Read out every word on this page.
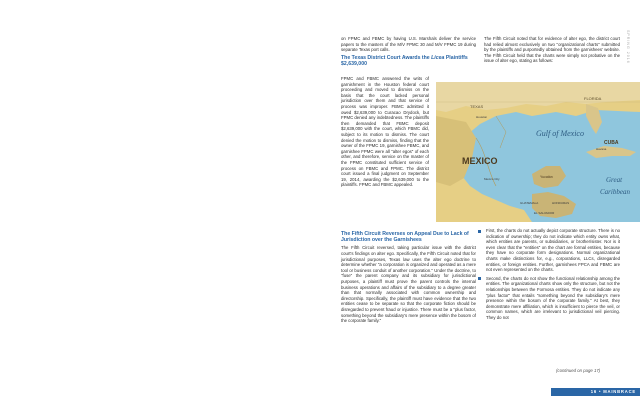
SPRING 2016

on FPMC and FBMC by having U.S. Marshals deliver the service papers to the masters of the M/V FPMC 30 and M/V FPMC 19 during separate Texas port calls.

The Texas District Court Awards the Licea Plaintiffs $2,639,000

FPMC and FBMC answered the writs of garnishment in the Houston federal court proceeding and moved to dismiss on the basis that the court lacked personal jurisdiction over them and that service of process was improper. FBMC admitted it owed $2,639,000 to Curacao Drydock, but FPMC denied any indebtedness. The plaintiffs then demanded that FBMC deposit $2,639,000 with the court, which FBMC did, subject to its motion to dismiss. The court denied the motion to dismiss, finding that the owner of the FPMC 19, garnishee FBMC, and garnishee FPMC were all "alter egos" of each other, and therefore, service on the master of the FPMC constituted sufficient service of process on FBMC and FPMC. The district court issued a final judgment on September 19, 2014, awarding the $2,639,000 to the plaintiffs. FPMC and FBMC appealed.

The Fifth Circuit Reverses on Appeal Due to Lack of Jurisdiction over the Garnishees

The Fifth Circuit reversed, taking particular issue with the district court's findings on alter ego. Specifically, the Fifth Circuit noted that for jurisdictional purposes, Texas law uses the alter ego doctrine to determine whether "a corporation is organized and operated as a mere tool or business conduit of another corporation." Under the doctrine, to "fuse" the parent company and its subsidiary for jurisdictional purposes, a plaintiff must prove the parent controls the internal business operations and affairs of the subsidiary to a degree greater than that normally associated with common ownership and directorship. Specifically, the plaintiff must have evidence that the two entities cease to be separate so that the corporate fiction should be disregarded to prevent fraud or injustice. There must be a "plus factor, something beyond the subsidiary's mere presence within the bosom of the corporate family."

The Fifth Circuit noted that for evidence of alter ego, the district court had relied almost exclusively on two "organizational charts" submitted by the plaintiffs and purportedly obtained from the garnishees' website. The Fifth Circuit held that the charts were simply not probative on the issue of alter ego, stating as follows:

TEXAS
Houston
Gulf of Mexico
MEXICO
Mexico City	Yucatán
CUBA
Havana
FLORIDA
Great
Caribbean
GUATEMALA	HONDURAS
EL SALVADOR
First, the charts do not actually depict corporate structure. There is no indication of ownership; they do not indicate which entity owns what, which entities are parents, or subsidiaries, or brother/sister. Nor is it even clear that the "entities" on the chart are formal entities, because they have no corporate form designations. Normal organizational charts make distinctions for, e.g., corporations, LLCs, disregarded entities, or foreign entities. Further, garnishees FPCA and FBMC are not even represented on the charts.
Second, the charts do not show the functional relationship among the entities. The organizational charts show only the structure, but not the relationships between the Formosa entities. They do not indicate any "plus factor" that entails "something beyond the subsidiary's mere presence within the bosom of the corporate family." At best, they demonstrate mere affiliation, which is insufficient to pierce the veil, or common names, which are irrelevant to jurisdictional veil piercing. They do not
(continued on page 17)
16 • MAINBRACE
